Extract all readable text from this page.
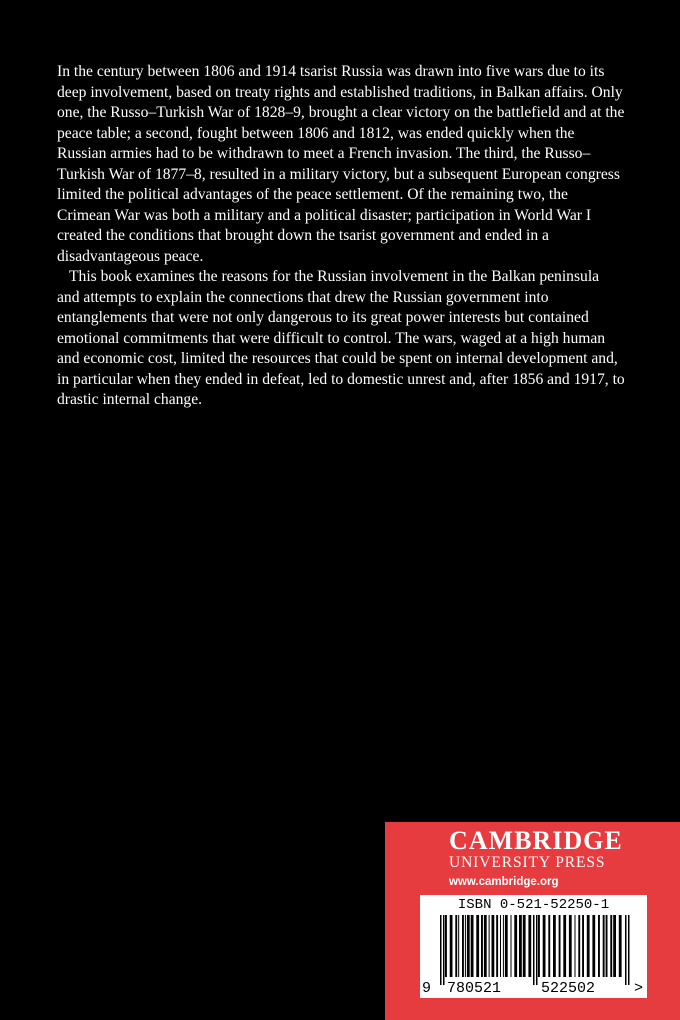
In the century between 1806 and 1914 tsarist Russia was drawn into five wars due to its deep involvement, based on treaty rights and established traditions, in Balkan affairs. Only one, the Russo–Turkish War of 1828–9, brought a clear victory on the battlefield and at the peace table; a second, fought between 1806 and 1812, was ended quickly when the Russian armies had to be withdrawn to meet a French invasion. The third, the Russo–Turkish War of 1877–8, resulted in a military victory, but a subsequent European congress limited the political advantages of the peace settlement. Of the remaining two, the Crimean War was both a military and a political disaster; participation in World War I created the conditions that brought down the tsarist government and ended in a disadvantageous peace.

This book examines the reasons for the Russian involvement in the Balkan peninsula and attempts to explain the connections that drew the Russian government into entanglements that were not only dangerous to its great power interests but contained emotional commitments that were difficult to control. The wars, waged at a high human and economic cost, limited the resources that could be spent on internal development and, in particular when they ended in defeat, led to domestic unrest and, after 1856 and 1917, to drastic internal change.

CAMBRIDGE
UNIVERSITY PRESS
www.cambridge.org
ISBN 0-521-52250-1
9 780521	522502	>
